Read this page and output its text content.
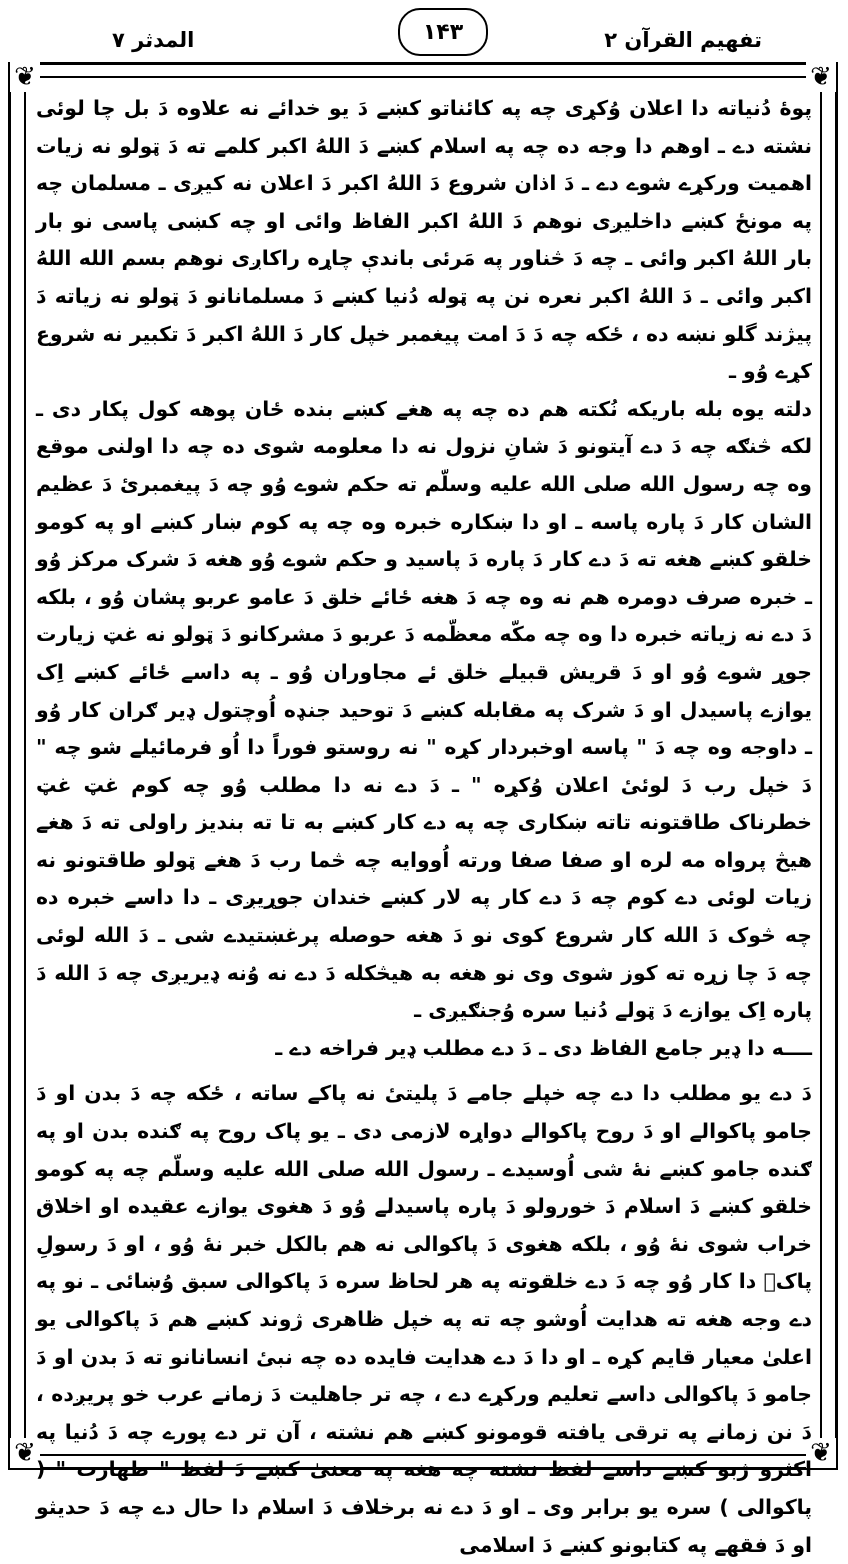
المدثر ۷	۱۴۳	تفهیم القرآن ۲
❦	❦
❦	❦

پوهٔ دُنیاته دا اعلان وُکړی چه په کائناتو کښے دَ یو خدائے نه علاوه دَ بل چا لوئی نشته دے ـ اوهم دا وجه ده چه په اسلام کښے دَ اللهُ اکبر کلمے ته دَ ټولو نه زیات اهمیت ورکړے شوے دے ـ دَ اذان شروع دَ اللهُ اکبر دَ اعلان نه کیږی ـ مسلمان چه په مونځ کښے داخلیږی نوهم دَ اللهُ اکبر الفاظ وائی او چه کښی پاسی نو بار بار اللهُ اکبر وائی ـ چه دَ څناور په مَرئی باندې چاړه راکاږی نوهم بسم الله اللهُ اکبر وائی ـ دَ اللهُ اکبر نعره نن په ټوله دُنیا کښے دَ مسلمانانو دَ ټولو نه زیاته دَ پیژند گلو نښه ده ، ځکه چه دَ دَ امت پیغمبر خپل کار دَ اللهُ اکبر دَ تکبیر نه شروع کړے وُو ـ

دلته یوه بله باریکه نُکته هم ده چه په هغے کښے بنده ځان پوهه کول پکار دی ـ لکه څنګه چه دَ دے آیتونو دَ شانِ نزول نه دا معلومه شوی ده چه دا اولنی موقع وه چه رسول الله صلی الله علیه وسلّم ته حکم شوے وُو چه دَ پیغمبرئ دَ عظیم الشان کار دَ پاره پاسه ـ او دا ښکاره خبره وه چه په کوم ښار کښے او په کومو خلقو کښے هغه ته دَ دے کار دَ پاره دَ پاسید و حکم شوے وُو هغه دَ شرک مرکز وُو ـ خبره صرف دومره هم نه وه چه دَ هغه ځائے خلق دَ عامو عربو پشان وُو ، بلکه دَ دے نه زیاته خبره دا وه چه مکّه معظّمه دَ عربو دَ مشرکانو دَ ټولو نه غټ زیارت جوړ شوے وُو او دَ قریش قبیلے خلق ئے مجاوران وُو ـ په داسے ځائے کښے اِک یوازے پاسیدل او دَ شرک په مقابله کښے دَ توحید جنډه اُوچتول ډیر ګران کار وُو ـ داوجه وه چه دَ " پاسه اوخبردار کړه " نه روستو فوراً دا اُو فرمائیلے شو چه " دَ خپل رب دَ لوئیٔ اعلان وُکړه " ـ دَ دے نه دا مطلب وُو چه کوم غټ غټ خطرناک طاقتونه تاته ښکاری چه په دے کار کښے به تا ته بندیز راولی ته دَ هغے هیڅ پرواه مه لره او صفا صفا ورته اُووایه چه څما رب دَ هغے ټولو طاقتونو نه زیات لوئی دے کوم چه دَ دے کار په لار کښے خندان جوړیږی ـ دا داسے خبره ده چه څوک دَ الله کار شروع کوی نو دَ هغه حوصله پرغښتیدے شی ـ دَ الله لوئی چه دَ چا زړه ته کوز شوی وی نو هغه به هیڅکله دَ دے نه وُنه ډیریږی چه دَ الله دَ پاره اِک یوازے دَ ټولے دُنیا سره وُجنګیږی ـ

ــــه دا ډیر جامع الفاظ دی ـ دَ دے مطلب ډیر فراخه دے ـ

دَ دے یو مطلب دا دے چه خپلے جامے دَ پلیتیٔ نه پاکے ساته ، ځکه چه دَ بدن او دَ جامو پاکوالے او دَ روح پاکوالے دواړه لازمی دی ـ یو پاک روح په ګنده بدن او په ګنده جامو کښے نهٔ شی اُوسیدے ـ رسول الله صلی الله علیه وسلّم چه په کومو خلقو کښے دَ اسلام دَ خورولو دَ پاره پاسیدلے وُو دَ هغوی یوازے عقیده او اخلاق خراب شوی نهٔ وُو ، بلکه هغوی دَ پاکوالی نه هم بالکل خبر نهٔ وُو ، او دَ رسولِ پاکؐ دا کار وُو چه دَ دے خلقوته په هر لحاظ سره دَ پاکوالی سبق وُښائی ـ نو په دے وجه هغه ته هدایت اُوشو چه ته په خپل ظاهری ژوند کښے هم دَ پاکوالی یو اعلیٰ معیار قایم کړه ـ او دا دَ دے هدایت فایده ده چه نبیٔ انسانانو ته دَ بدن او دَ جامو دَ پاکوالی داسے تعلیم ورکړے دے ، چه تر جاهلیت دَ زمانے عرب خو پریږده ، دَ نن زمانے په ترقی یافته قومونو کښے هم نشته ، آن تر دے پورے چه دَ دُنیا په اکثرو ژبو کښے داسے لفظ نشته چه هغه په معنیٰ کښے دَ لفظ " طهارت " ( پاکوالی ) سره یو برابر وی ـ او دَ دے نه برخلاف دَ اسلام دا حال دے چه دَ حدیثو او دَ فقهے په کتابونو کښے دَ اسلامی
